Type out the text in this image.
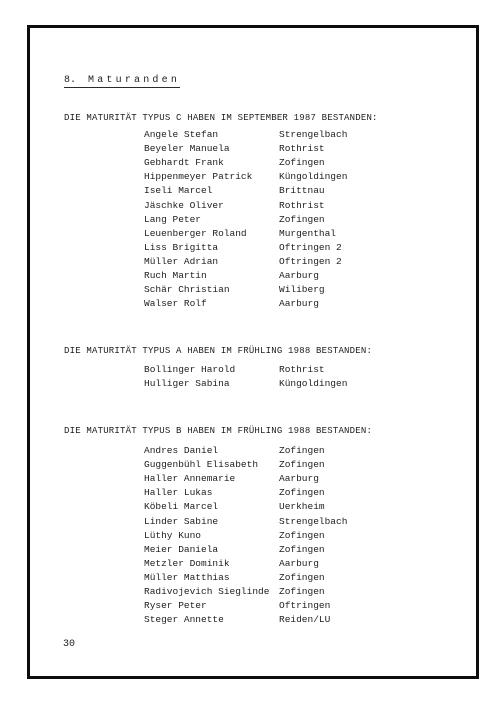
8. Maturanden
DIE MATURITÄT TYPUS C HABEN IM SEPTEMBER 1987 BESTANDEN:
Angele Stefan	Strengelbach
Beyeler Manuela	Rothrist
Gebhardt Frank	Zofingen
Hippenmeyer Patrick	Küngoldingen
Iseli Marcel	Brittnau
Jäschke Oliver	Rothrist
Lang Peter	Zofingen
Leuenberger Roland	Murgenthal
Liss Brigitta	Oftringen 2
Müller Adrian	Oftringen 2
Ruch Martin	Aarburg
Schär Christian	Wiliberg
Walser Rolf	Aarburg
DIE MATURITÄT TYPUS A HABEN IM FRÜHLING 1988 BESTANDEN:
Bollinger Harold	Rothrist
Hulliger Sabina	Küngoldingen
DIE MATURITÄT TYPUS B HABEN IM FRÜHLING 1988 BESTANDEN:
Andres Daniel	Zofingen
Guggenbühl Elisabeth Zofingen
Haller Annemarie	Aarburg
Haller Lukas	Zofingen
Köbeli Marcel	Uerkheim
Linder Sabine	Strengelbach
Lüthy Kuno	Zofingen
Meier Daniela	Zofingen
Metzler Dominik	Aarburg
Müller Matthias	Zofingen
Radivojevich Sieglinde Zofingen
Ryser Peter	Oftringen
Steger Annette	Reiden/LU
30
